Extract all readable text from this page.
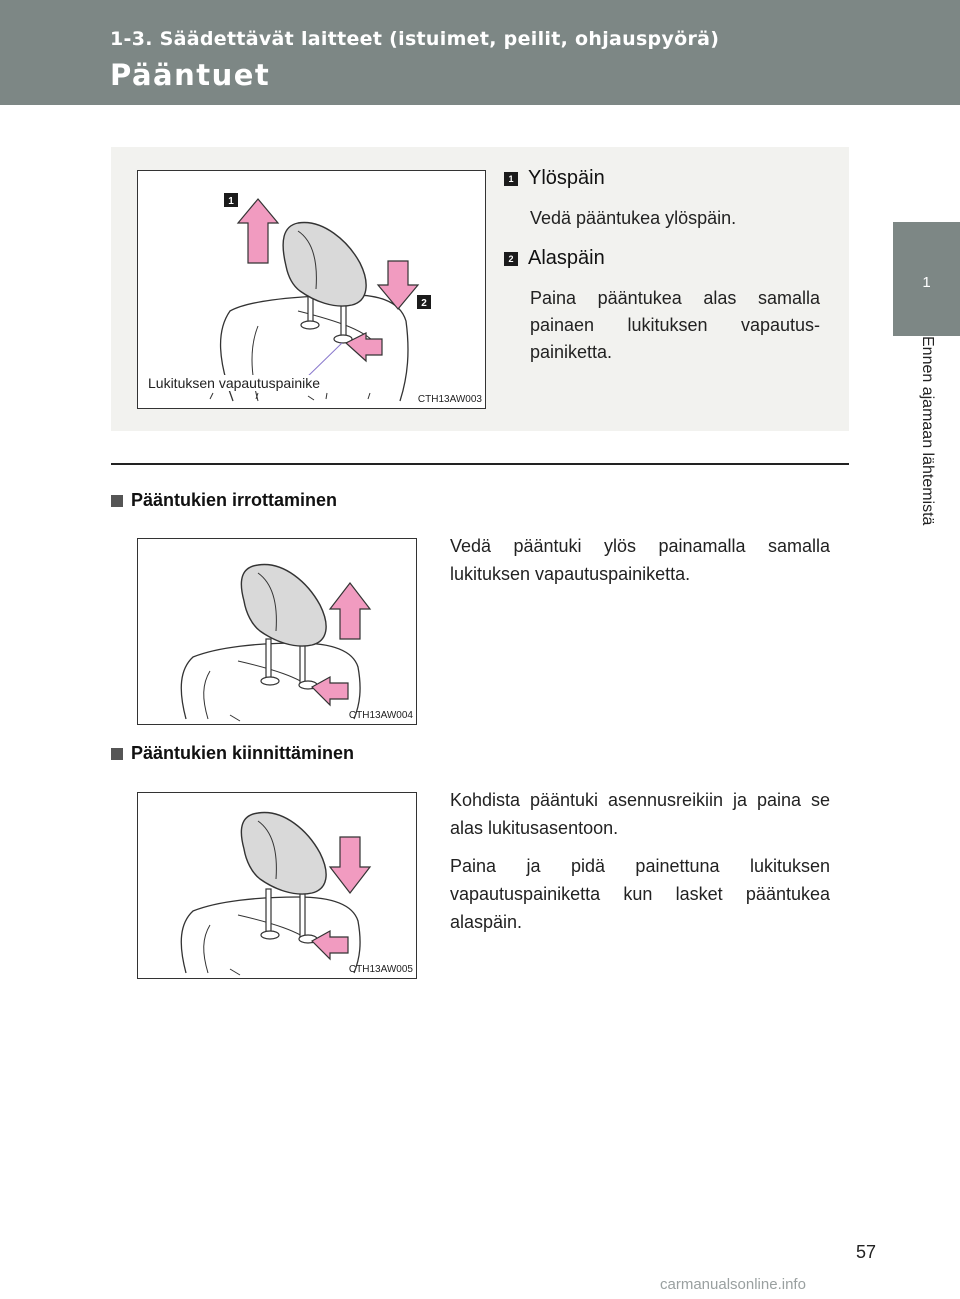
1-3. Säädettävät laitteet (istuimet, peilit, ohjauspyörä)
Pääntuet
1
Ennen ajamaan lähtemistä
1
2
Lukituksen vapautuspainike
CTH13AW003
1 Ylöspäin
Vedä pääntukea ylöspäin.
2 Alaspäin
Paina pääntukea alas samalla painaen lukituksen vapautus-painiketta.
Pääntukien irrottaminen
CTH13AW004

Vedä pääntuki ylös painamalla samalla lukituksen vapautuspainiketta.

Pääntukien kiinnittäminen
CTH13AW005

Kohdista pääntuki asennusreikiin ja paina se alas lukitusasentoon.

Paina ja pidä painettuna lukituksen vapautuspainiketta kun lasket pääntukea alaspäin.

57
carmanualsonline.info
